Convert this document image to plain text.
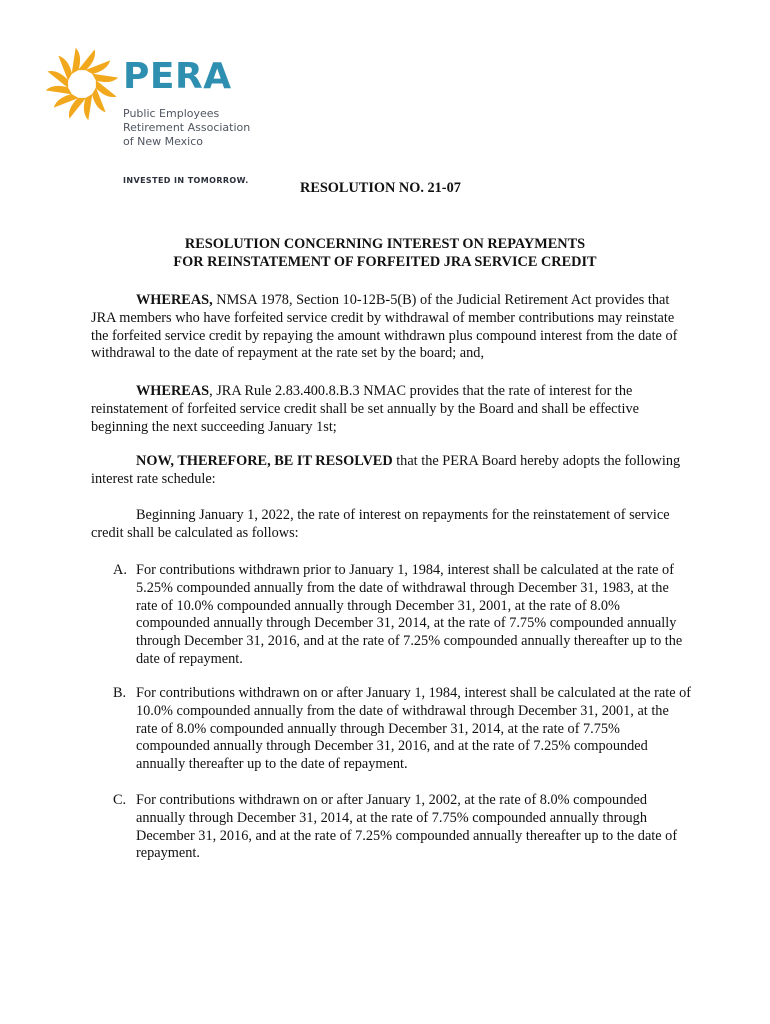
PERA
Public Employees
Retirement Association
of New Mexico
INVESTED IN TOMORROW.	RESOLUTION NO. 21-07
RESOLUTION CONCERNING INTEREST ON REPAYMENTS
FOR REINSTATEMENT OF FORFEITED JRA SERVICE CREDIT
WHEREAS, NMSA 1978, Section 10-12B-5(B) of the Judicial Retirement Act provides that JRA members who have forfeited service credit by withdrawal of member contributions may reinstate the forfeited service credit by repaying the amount withdrawn plus compound interest from the date of withdrawal to the date of repayment at the rate set by the board; and,
WHEREAS, JRA Rule 2.83.400.8.B.3 NMAC provides that the rate of interest for the reinstatement of forfeited service credit shall be set annually by the Board and shall be effective beginning the next succeeding January 1st;
NOW, THEREFORE, BE IT RESOLVED that the PERA Board hereby adopts the following interest rate schedule:
Beginning January 1, 2022, the rate of interest on repayments for the reinstatement of service credit shall be calculated as follows:
A. For contributions withdrawn prior to January 1, 1984, interest shall be calculated at the rate of 5.25% compounded annually from the date of withdrawal through December 31, 1983, at the rate of 10.0% compounded annually through December 31, 2001, at the rate of 8.0% compounded annually through December 31, 2014, at the rate of 7.75% compounded annually through December 31, 2016, and at the rate of 7.25% compounded annually thereafter up to the date of repayment.
B. For contributions withdrawn on or after January 1, 1984, interest shall be calculated at the rate of 10.0% compounded annually from the date of withdrawal through December 31, 2001, at the rate of 8.0% compounded annually through December 31, 2014, at the rate of 7.75% compounded annually through December 31, 2016, and at the rate of 7.25% compounded annually thereafter up to the date of repayment.
C. For contributions withdrawn on or after January 1, 2002, at the rate of 8.0% compounded annually through December 31, 2014, at the rate of 7.75% compounded annually through December 31, 2016, and at the rate of 7.25% compounded annually thereafter up to the date of repayment.
